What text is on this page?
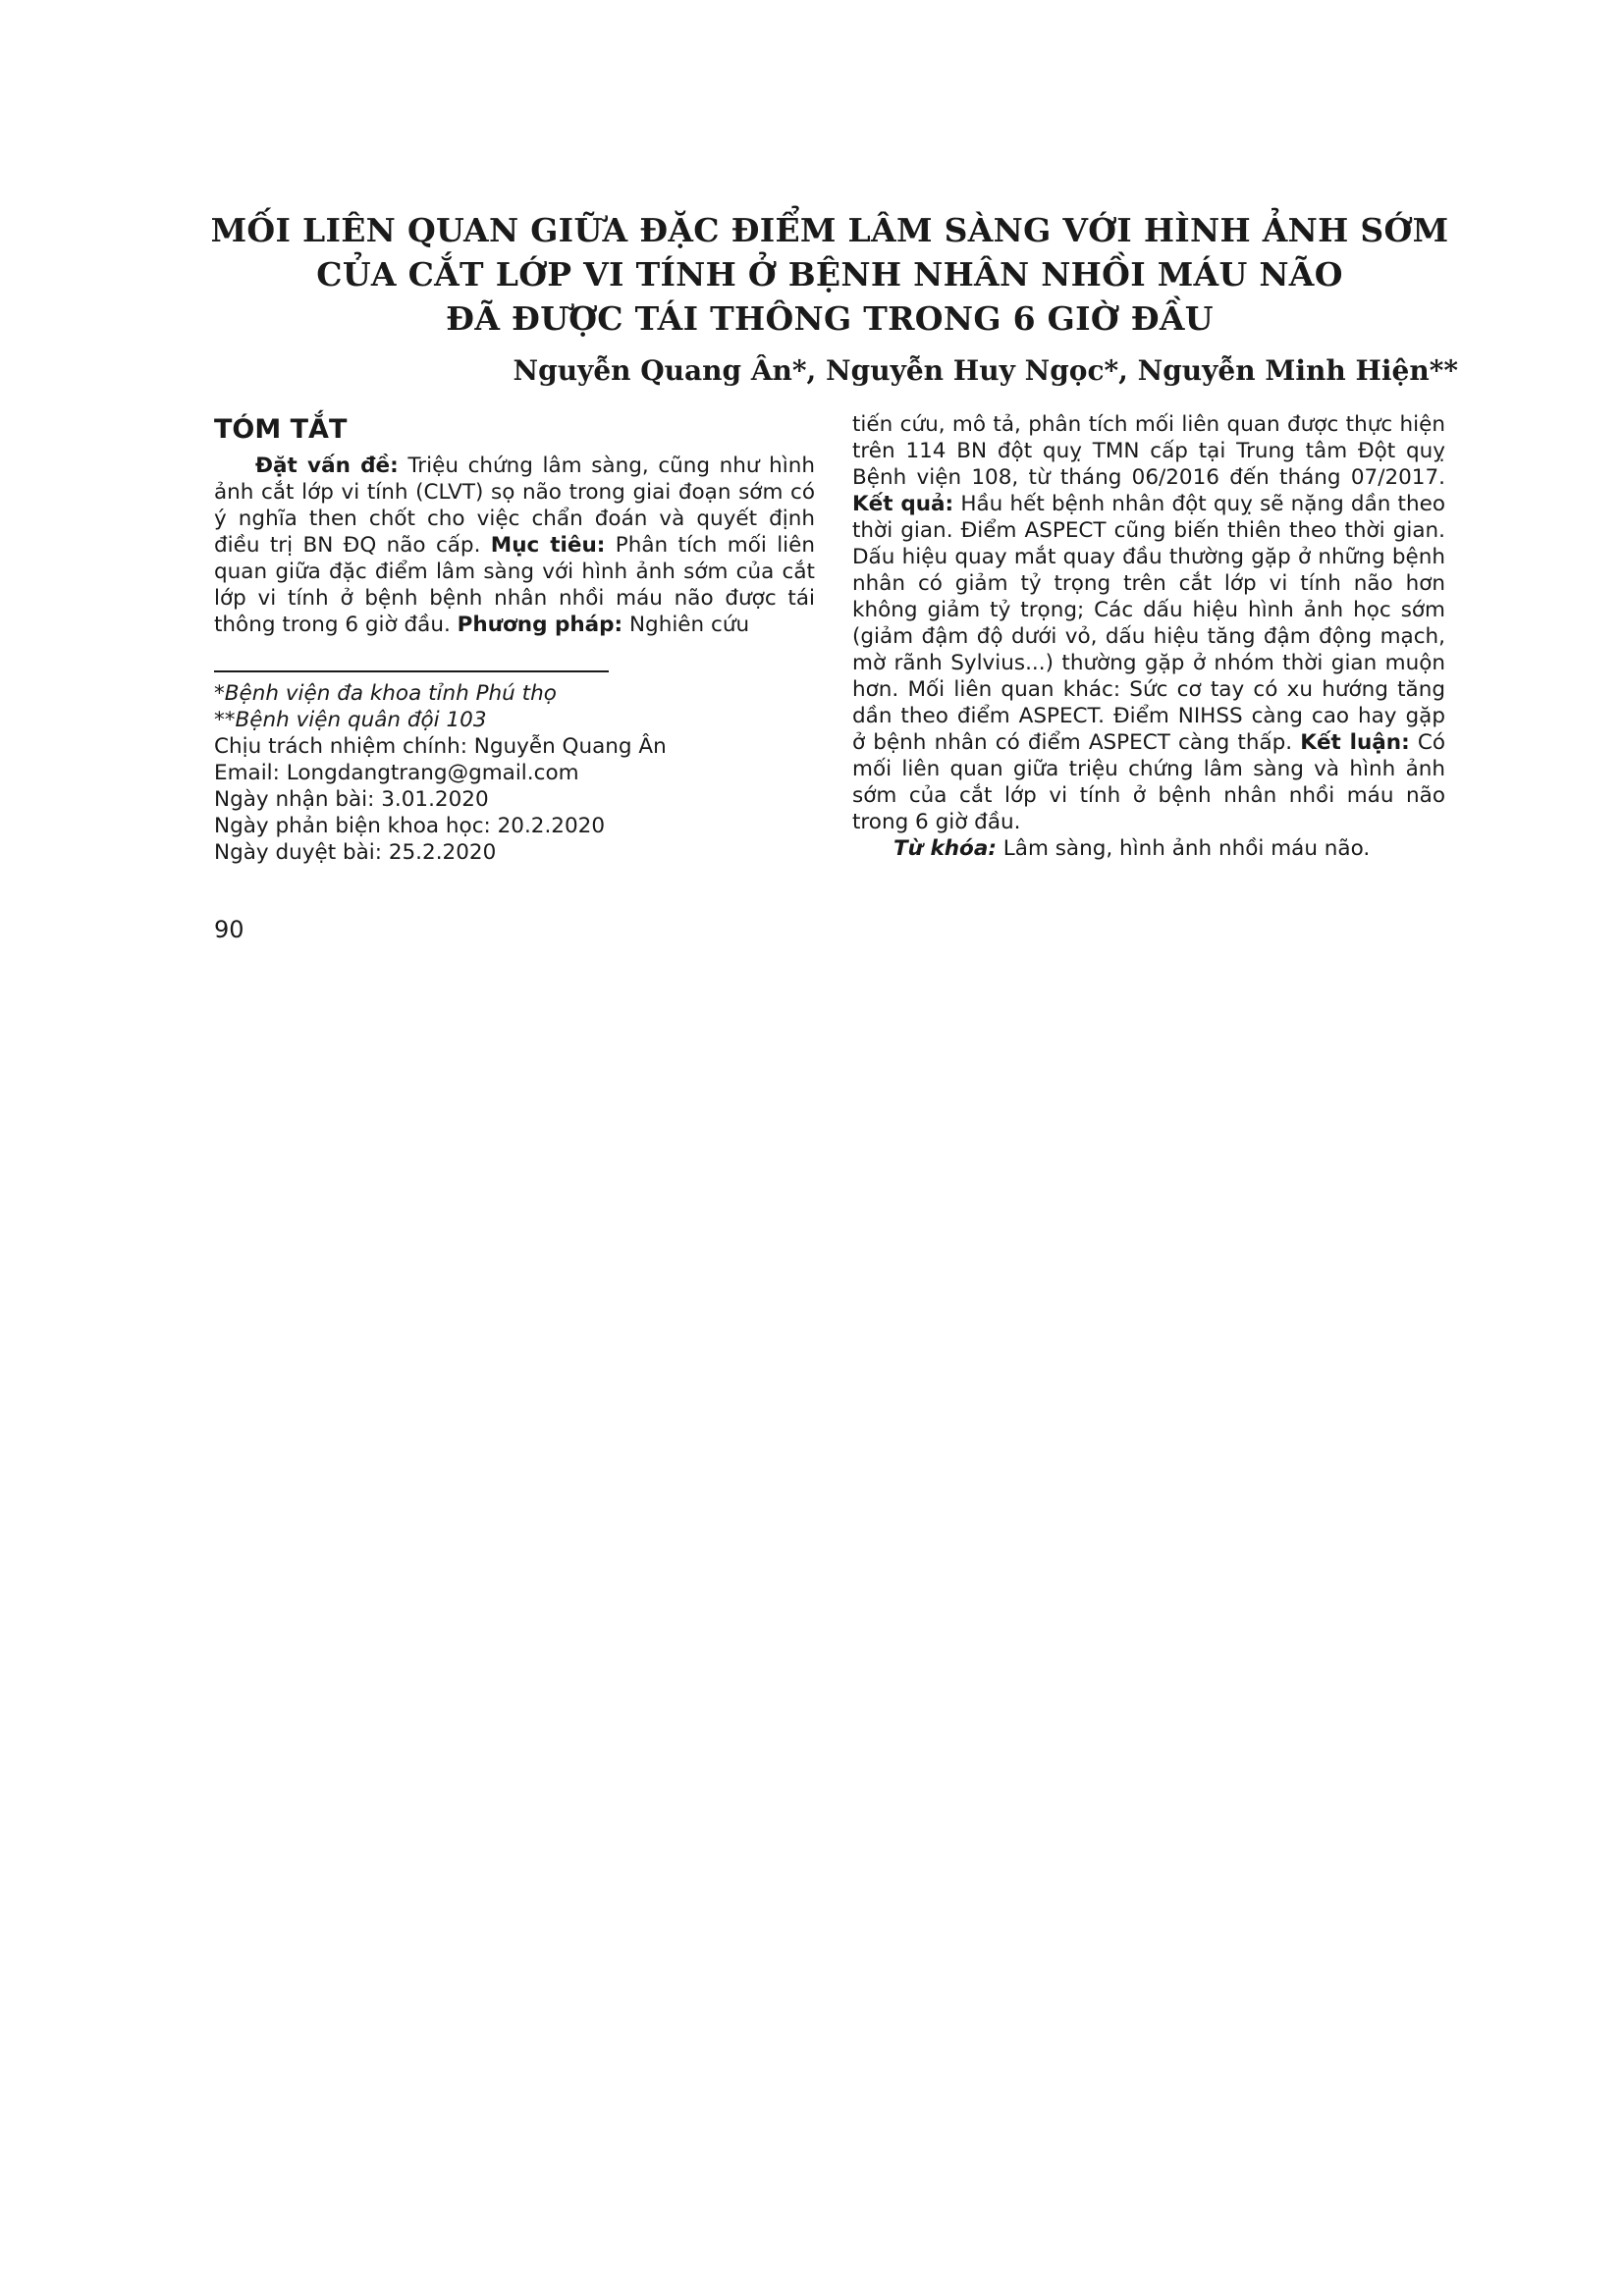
MỐI LIÊN QUAN GIỮA ĐẶC ĐIỂM LÂM SÀNG VỚI HÌNH ẢNH SỚM
CỦA CẮT LỚP VI TÍNH Ở BỆNH NHÂN NHỒI MÁU NÃO
ĐÃ ĐƯỢC TÁI THÔNG TRONG 6 GIỜ ĐẦU
Nguyễn Quang Ân*, Nguyễn Huy Ngọc*, Nguyễn Minh Hiện**
TÓM TẮT

Đặt vấn đề: Triệu chứng lâm sàng, cũng như hình ảnh cắt lớp vi tính (CLVT) sọ não trong giai đoạn sớm có ý nghĩa then chốt cho việc chẩn đoán và quyết định điều trị BN ĐQ não cấp. Mục tiêu: Phân tích mối liên quan giữa đặc điểm lâm sàng với hình ảnh sớm của cắt lớp vi tính ở bệnh bệnh nhân nhồi máu não được tái thông trong 6 giờ đầu. Phương pháp: Nghiên cứu

*Bệnh viện đa khoa tỉnh Phú thọ
**Bệnh viện quân đội 103
Chịu trách nhiệm chính: Nguyễn Quang Ân
Email: Longdangtrang@gmail.com
Ngày nhận bài: 3.01.2020
Ngày phản biện khoa học: 20.2.2020
Ngày duyệt bài: 25.2.2020

tiến cứu, mô tả, phân tích mối liên quan được thực hiện trên 114 BN đột quỵ TMN cấp tại Trung tâm Đột quỵ Bệnh viện 108, từ tháng 06/2016 đến tháng 07/2017. Kết quả: Hầu hết bệnh nhân đột quỵ sẽ nặng dần theo thời gian. Điểm ASPECT cũng biến thiên theo thời gian. Dấu hiệu quay mắt quay đầu thường gặp ở những bệnh nhân có giảm tỷ trọng trên cắt lớp vi tính não hơn không giảm tỷ trọng; Các dấu hiệu hình ảnh học sớm (giảm đậm độ dưới vỏ, dấu hiệu tăng đậm động mạch, mờ rãnh Sylvius...) thường gặp ở nhóm thời gian muộn hơn. Mối liên quan khác: Sức cơ tay có xu hướng tăng dần theo điểm ASPECT. Điểm NIHSS càng cao hay gặp ở bệnh nhân có điểm ASPECT càng thấp. Kết luận: Có mối liên quan giữa triệu chứng lâm sàng và hình ảnh sớm của cắt lớp vi tính ở bệnh nhân nhồi máu não trong 6 giờ đầu.

Từ khóa: Lâm sàng, hình ảnh nhồi máu não.

90
